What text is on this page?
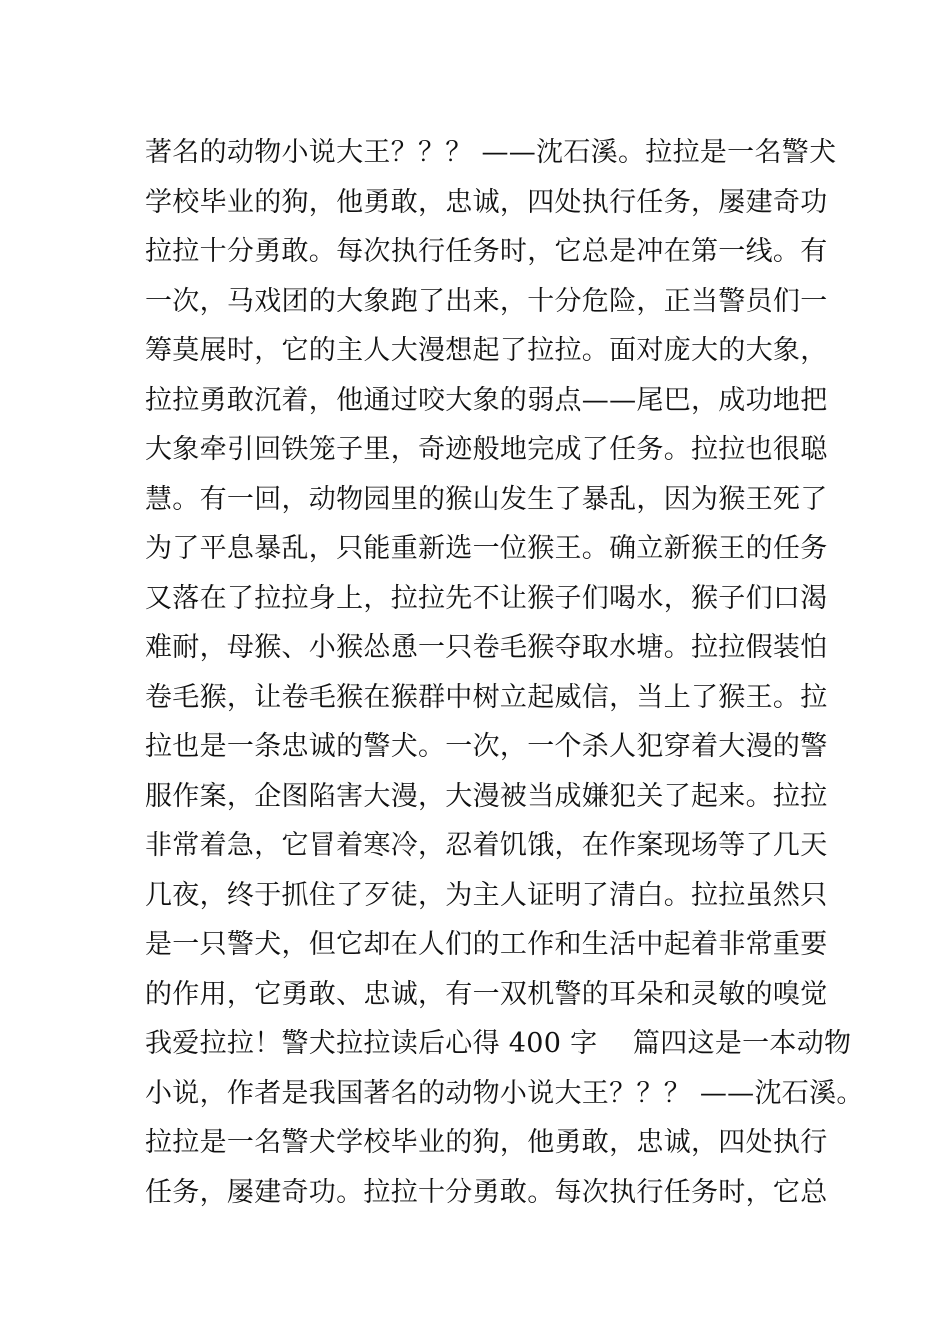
著名的动物小说大王？？？ ——沈石溪。拉拉是一名警犬
学校毕业的狗，他勇敢，忠诚，四处执行任务，屡建奇功
拉拉十分勇敢。每次执行任务时，它总是冲在第一线。有
一次，马戏团的大象跑了出来，十分危险，正当警员们一
筹莫展时，它的主人大漫想起了拉拉。面对庞大的大象，
拉拉勇敢沉着，他通过咬大象的弱点——尾巴，成功地把
大象牵引回铁笼子里，奇迹般地完成了任务。拉拉也很聪
慧。有一回，动物园里的猴山发生了暴乱，因为猴王死了
为了平息暴乱，只能重新选一位猴王。确立新猴王的任务
又落在了拉拉身上，拉拉先不让猴子们喝水，猴子们口渴
难耐，母猴、小猴怂恿一只卷毛猴夺取水塘。拉拉假装怕
卷毛猴，让卷毛猴在猴群中树立起威信，当上了猴王。拉
拉也是一条忠诚的警犬。一次，一个杀人犯穿着大漫的警
服作案，企图陷害大漫，大漫被当成嫌犯关了起来。拉拉
非常着急，它冒着寒冷，忍着饥饿，在作案现场等了几天
几夜，终于抓住了歹徒，为主人证明了清白。拉拉虽然只
是一只警犬，但它却在人们的工作和生活中起着非常重要
的作用，它勇敢、忠诚，有一双机警的耳朵和灵敏的嗅觉
我爱拉拉！警犬拉拉读后心得 400 字    篇四这是一本动物
小说，作者是我国著名的动物小说大王？？？ ——沈石溪。
拉拉是一名警犬学校毕业的狗，他勇敢，忠诚，四处执行
任务，屡建奇功。拉拉十分勇敢。每次执行任务时，它总
